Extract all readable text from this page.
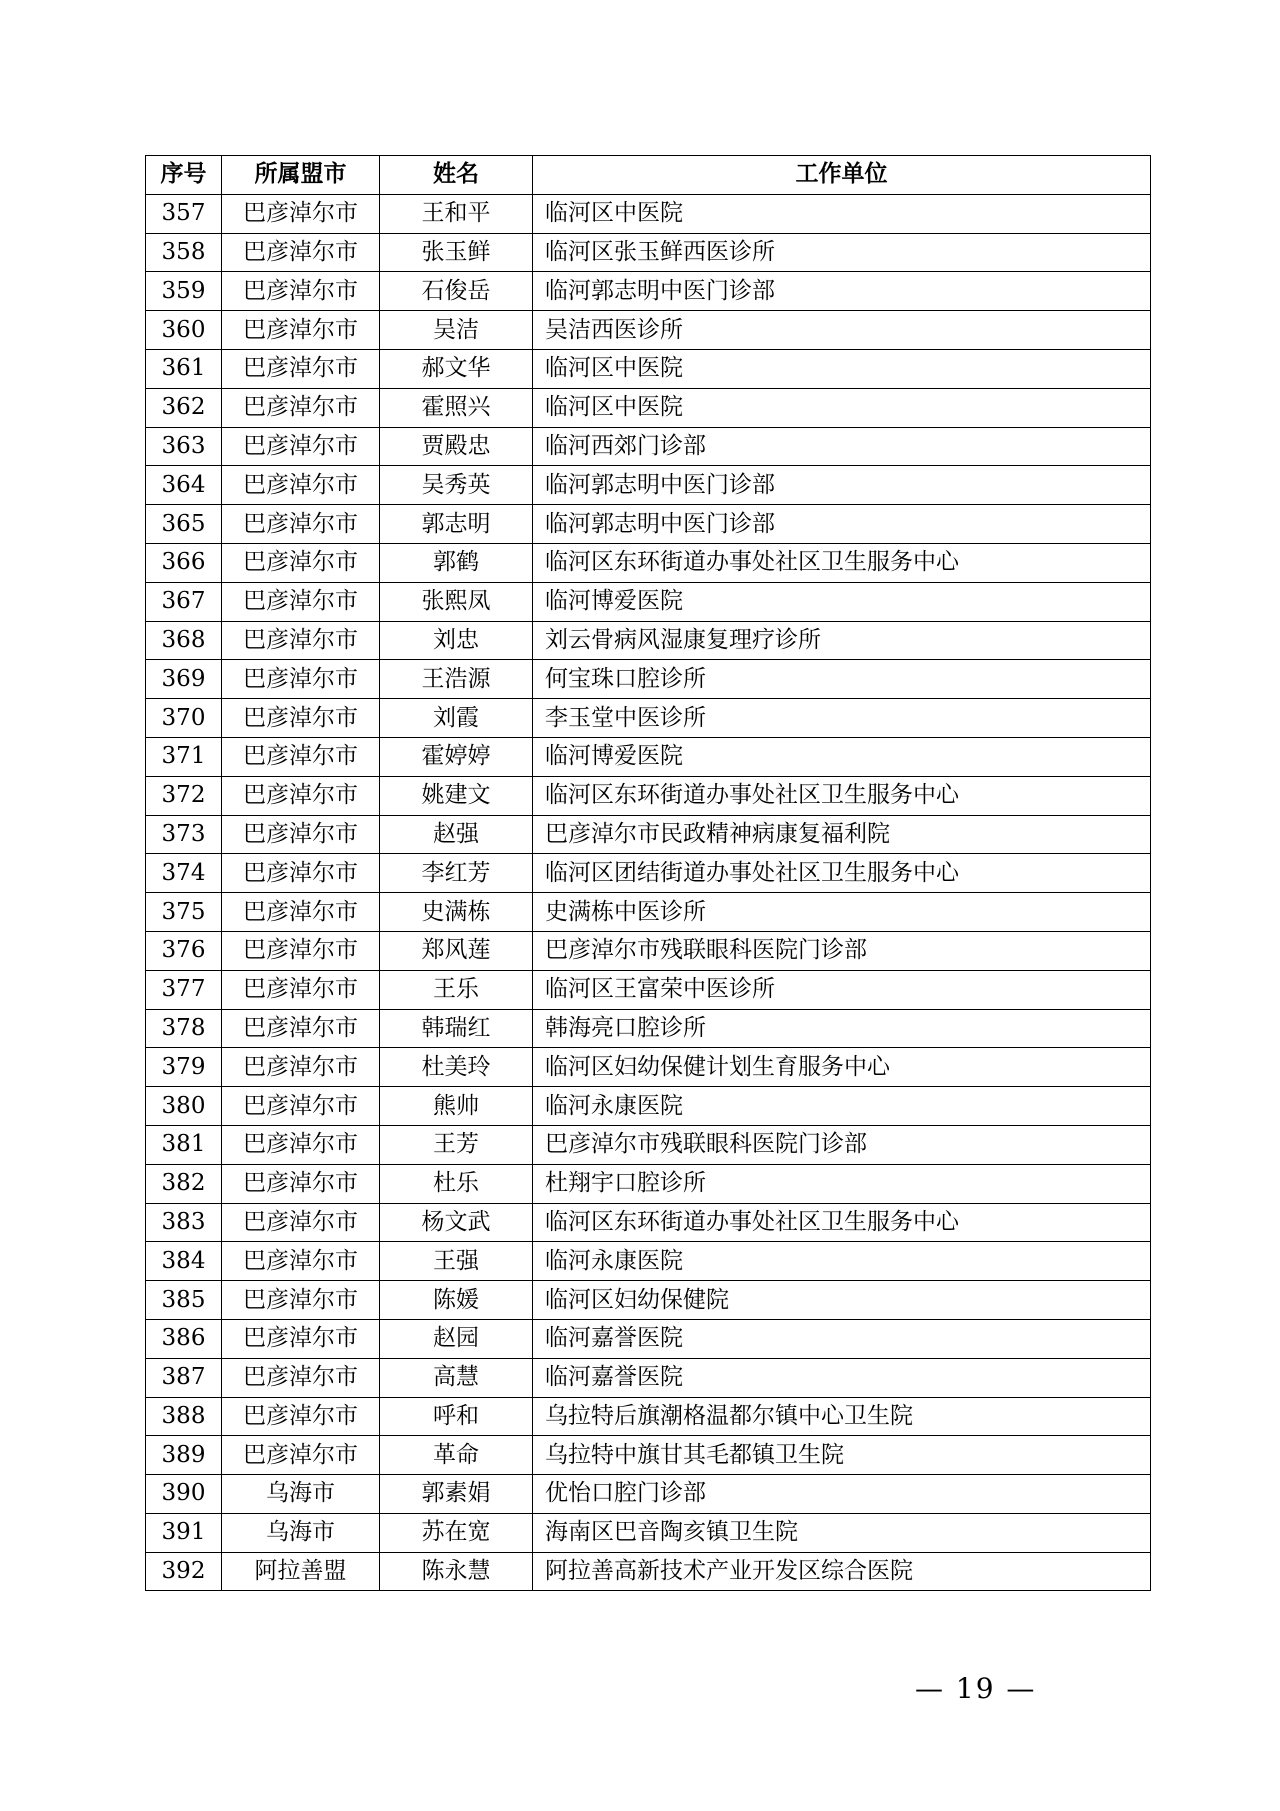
序号	所属盟市	姓名	工作单位
357	巴彦淖尔市	王和平	临河区中医院
358	巴彦淖尔市	张玉鲜	临河区张玉鲜西医诊所
359	巴彦淖尔市	石俊岳	临河郭志明中医门诊部
360	巴彦淖尔市	吴洁	吴洁西医诊所
361	巴彦淖尔市	郝文华	临河区中医院
362	巴彦淖尔市	霍照兴	临河区中医院
363	巴彦淖尔市	贾殿忠	临河西郊门诊部
364	巴彦淖尔市	吴秀英	临河郭志明中医门诊部
365	巴彦淖尔市	郭志明	临河郭志明中医门诊部
366	巴彦淖尔市	郭鹤	临河区东环街道办事处社区卫生服务中心
367	巴彦淖尔市	张熙凤	临河博爱医院
368	巴彦淖尔市	刘忠	刘云骨病风湿康复理疗诊所
369	巴彦淖尔市	王浩源	何宝珠口腔诊所
370	巴彦淖尔市	刘霞	李玉堂中医诊所
371	巴彦淖尔市	霍婷婷	临河博爱医院
372	巴彦淖尔市	姚建文	临河区东环街道办事处社区卫生服务中心
373	巴彦淖尔市	赵强	巴彦淖尔市民政精神病康复福利院
374	巴彦淖尔市	李红芳	临河区团结街道办事处社区卫生服务中心
375	巴彦淖尔市	史满栋	史满栋中医诊所
376	巴彦淖尔市	郑风莲	巴彦淖尔市残联眼科医院门诊部
377	巴彦淖尔市	王乐	临河区王富荣中医诊所
378	巴彦淖尔市	韩瑞红	韩海亮口腔诊所
379	巴彦淖尔市	杜美玲	临河区妇幼保健计划生育服务中心
380	巴彦淖尔市	熊帅	临河永康医院
381	巴彦淖尔市	王芳	巴彦淖尔市残联眼科医院门诊部
382	巴彦淖尔市	杜乐	杜翔宇口腔诊所
383	巴彦淖尔市	杨文武	临河区东环街道办事处社区卫生服务中心
384	巴彦淖尔市	王强	临河永康医院
385	巴彦淖尔市	陈媛	临河区妇幼保健院
386	巴彦淖尔市	赵园	临河嘉誉医院
387	巴彦淖尔市	高慧	临河嘉誉医院
388	巴彦淖尔市	呼和	乌拉特后旗潮格温都尔镇中心卫生院
389	巴彦淖尔市	革命	乌拉特中旗甘其毛都镇卫生院
390	乌海市	郭素娟	优怡口腔门诊部
391	乌海市	苏在宽	海南区巴音陶亥镇卫生院
392	阿拉善盟	陈永慧	阿拉善高新技术产业开发区综合医院
— 19 —
